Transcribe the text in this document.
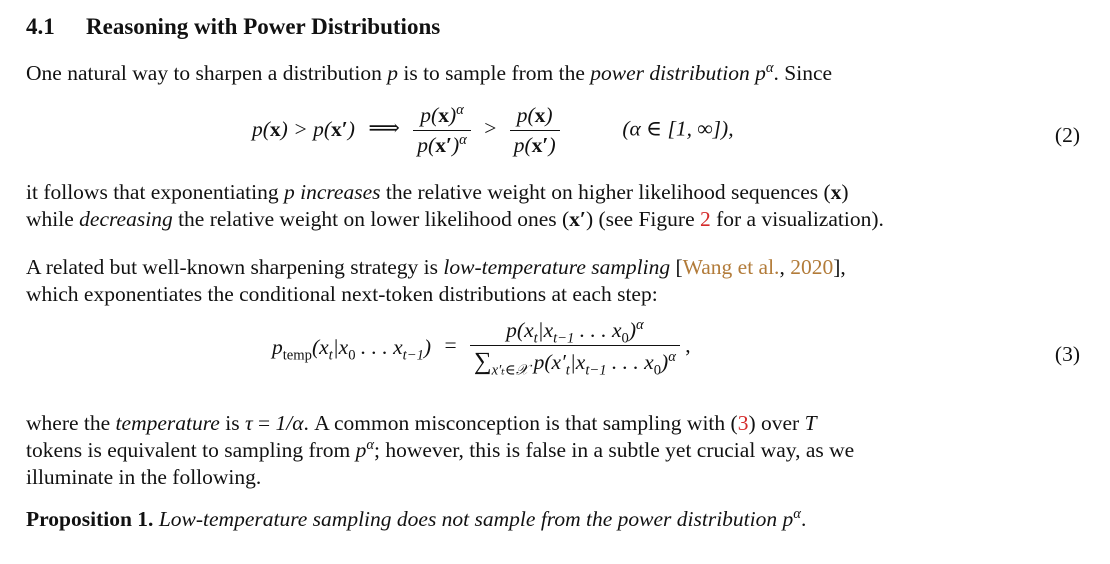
4.1 Reasoning with Power Distributions
One natural way to sharpen a distribution p is to sample from the power distribution $p^\alpha$. Since
p(x) > p(x′) ⟹ $\frac{p(x)^\alpha}{p(x')^\alpha} > \frac{p(x)}{p(x')}$	(α ∈ [1, ∞]),	(2)
it follows that exponentiating p increases the relative weight on higher likelihood sequences (x)
while decreasing the relative weight on lower likelihood ones (x′) (see Figure 2 for a visualization).
A related but well-known sharpening strategy is low-temperature sampling [Wang et al., 2020],
which exponentiates the conditional next-token distributions at each step:
$p_{temp}(x_t|x_0$ . . . $x_{t-1}) = \frac{p(x_t|x_{t-1} . . . x_0)^\alpha}{\sum_{x'_t\in 𝒳} p(x'_t|x_{t-1} . . . x_0)^\alpha}$ ,	(3)
where the temperature is τ = 1/α. A common misconception is that sampling with (3) over T
tokens is equivalent to sampling from $p^\alpha$; however, this is false in a subtle yet crucial way, as we
illuminate in the following.
Proposition 1. Low-temperature sampling does not sample from the power distribution $p^\alpha$.
